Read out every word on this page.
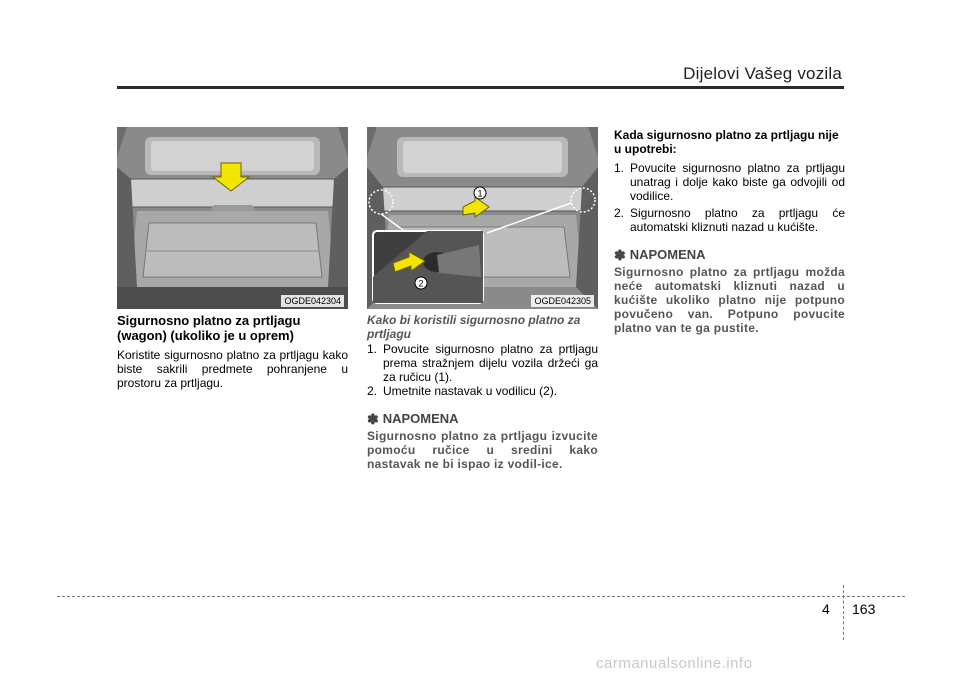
Dijelovi Vašeg vozila
OGDE042304
1
2
OGDE042305
Sigurnosno platno za prtljagu (wagon) (ukoliko je u oprem)

Koristite sigurnosno platno za prtljagu kako biste sakrili predmete pohranjene u prostoru za prtljagu.

Kako bi koristili sigurnosno platno za prtljagu
1. Povucite sigurnosno platno za prtljagu prema stražnjem dijelu vozila držeći ga za ručicu (1).
2. Umetnite nastavak u vodilicu (2).
✽ NAPOMENA

Sigurnosno platno za prtljagu izvucite pomoću ručice u sredini kako nastavak ne bi ispao iz vodil-ice.

Kada sigurnosno platno za prtljagu nije u upotrebi:
1. Povucite sigurnosno platno za prtljagu unatrag i dolje kako biste ga odvojili od vodilice.
2. Sigurnosno platno za prtljagu će automatski kliznuti nazad u kućište.
✽ NAPOMENA

Sigurnosno platno za prtljagu možda neće automatski kliznuti nazad u kućište ukoliko platno nije potpuno povučeno van. Potpuno povucite platno van te ga pustite.

4 163
carmanualsonline.info
